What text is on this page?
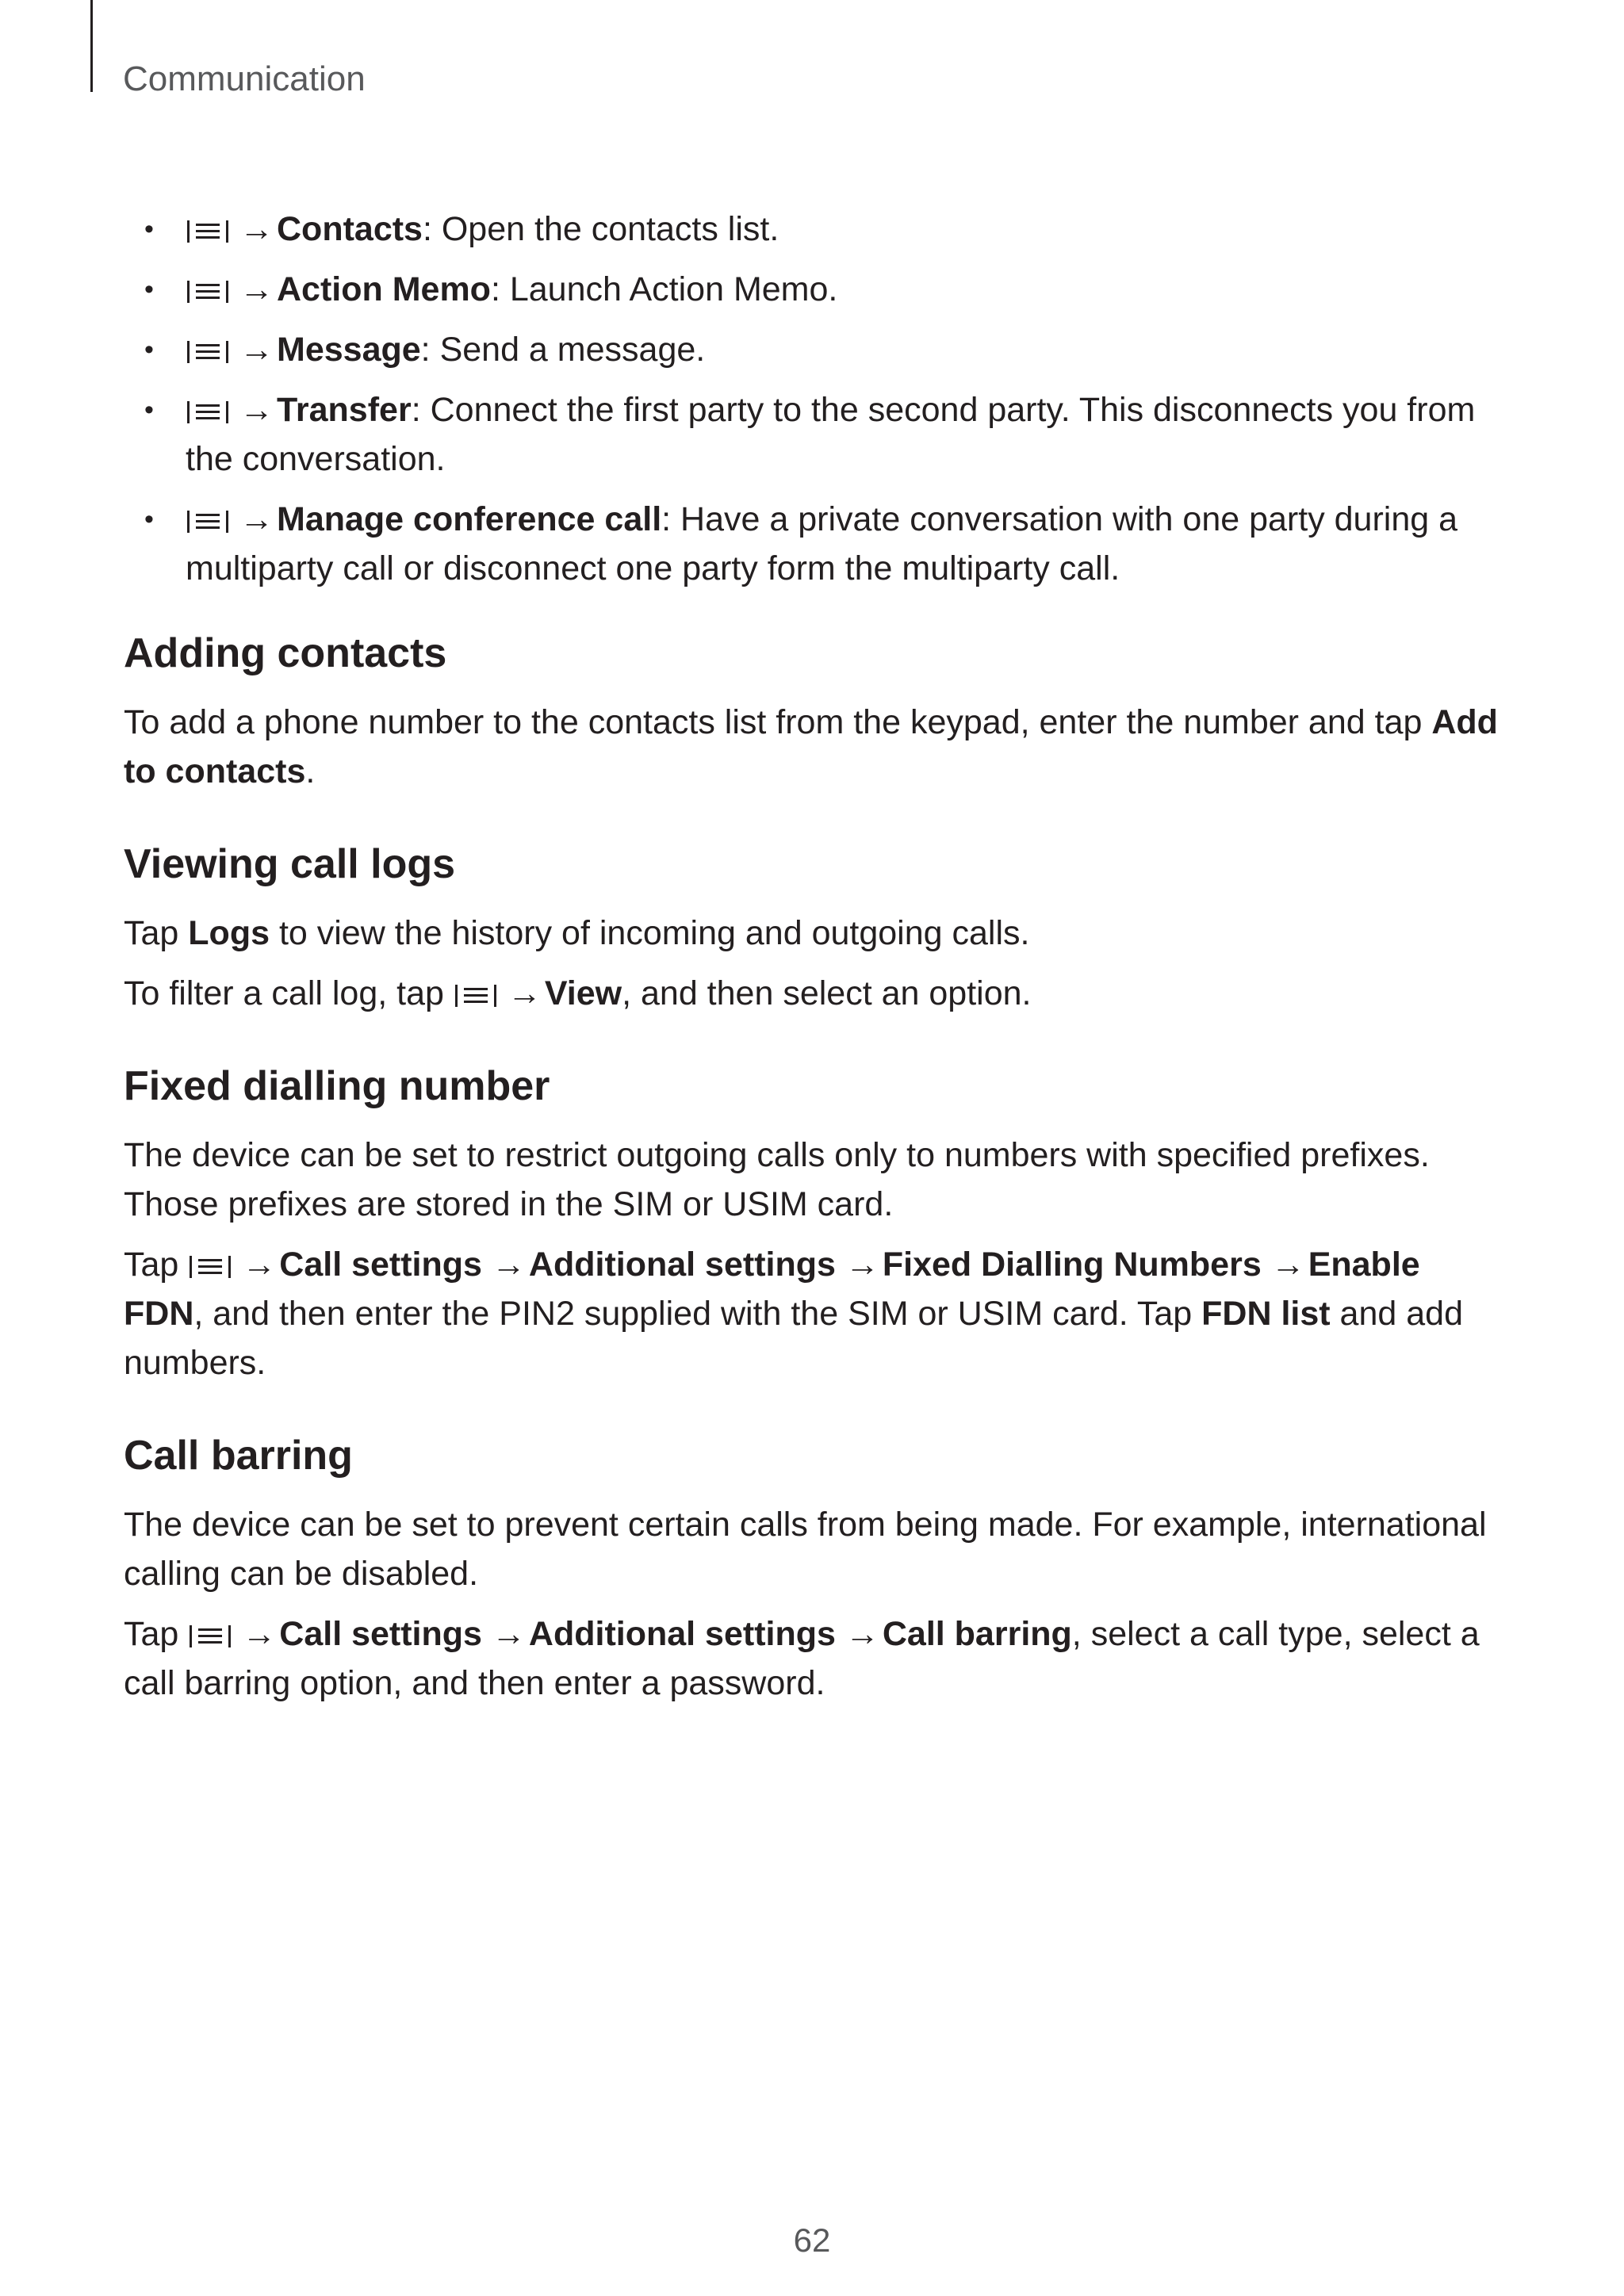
Communication
•	→Contacts: Open the contacts list.
•	→Action Memo: Launch Action Memo.
•	→Message: Send a message.
•	→Transfer: Connect the first party to the second party. This disconnects you from the conversation.
•	→Manage conference call: Have a private conversation with one party during a multiparty call or disconnect one party form the multiparty call.
Adding contacts

To add a phone number to the contacts list from the keypad, enter the number and tap Add to contacts.

Viewing call logs

Tap Logs to view the history of incoming and outgoing calls.

To filter a call log, tap
→View, and then select an option.

Fixed dialling number

The device can be set to restrict outgoing calls only to numbers with specified prefixes. Those prefixes are stored in the SIM or USIM card.

Tap
→Call settings →Additional settings →Fixed Dialling Numbers →Enable FDN, and then enter the PIN2 supplied with the SIM or USIM card. Tap FDN list and add numbers.

Call barring

The device can be set to prevent certain calls from being made. For example, international calling can be disabled.

Tap
→Call settings →Additional settings →Call barring, select a call type, select a call barring option, and then enter a password.

62
